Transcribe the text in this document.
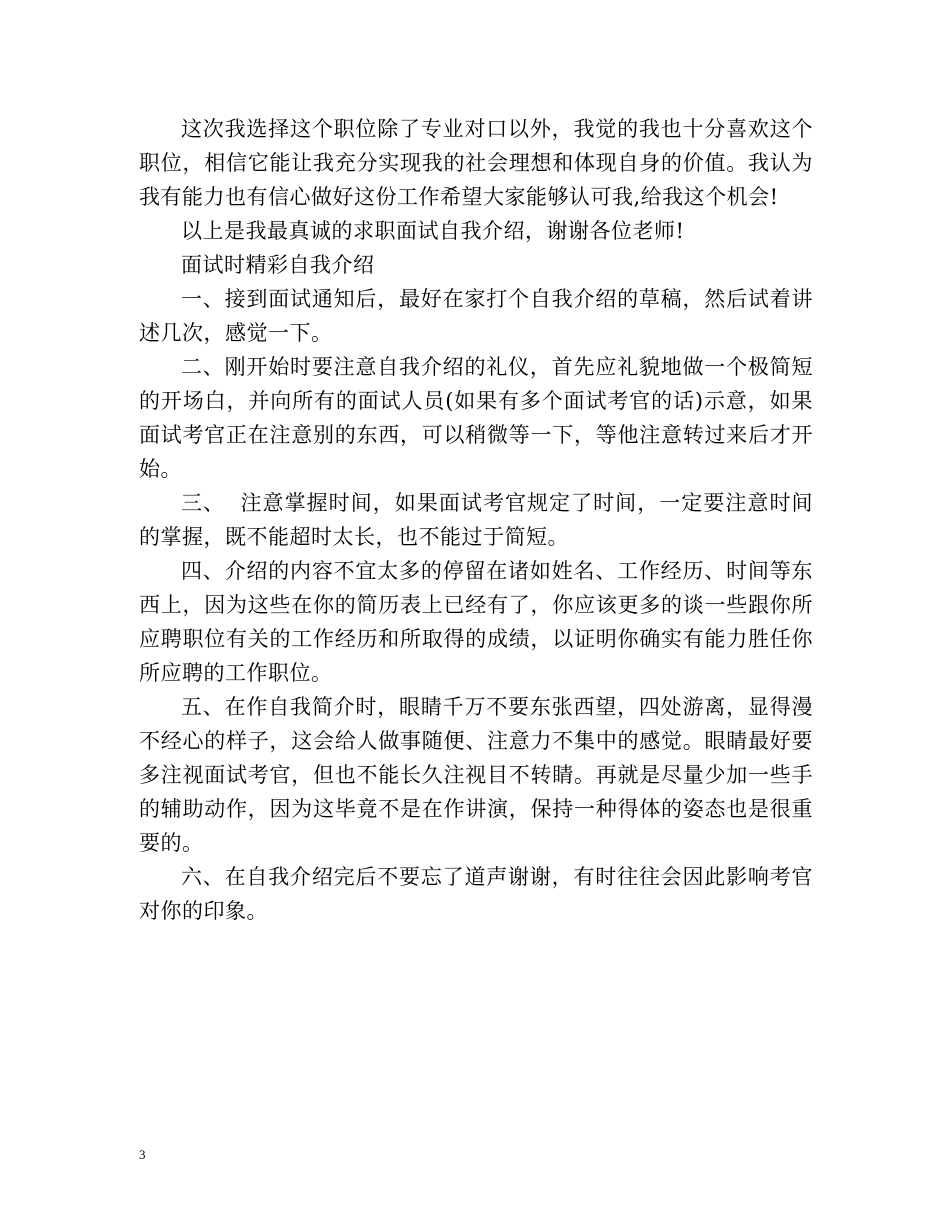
这次我选择这个职位除了专业对口以外，我觉的我也十分喜欢这个职位，相信它能让我充分实现我的社会理想和体现自身的价值。我认为我有能力也有信心做好这份工作希望大家能够认可我,给我这个机会!

以上是我最真诚的求职面试自我介绍，谢谢各位老师!

面试时精彩自我介绍

一、接到面试通知后，最好在家打个自我介绍的草稿，然后试着讲述几次，感觉一下。

二、刚开始时要注意自我介绍的礼仪，首先应礼貌地做一个极简短的开场白，并向所有的面试人员(如果有多个面试考官的话)示意，如果面试考官正在注意别的东西，可以稍微等一下，等他注意转过来后才开始。

三、  注意掌握时间，如果面试考官规定了时间，一定要注意时间的掌握，既不能超时太长，也不能过于简短。

四、介绍的内容不宜太多的停留在诸如姓名、工作经历、时间等东西上，因为这些在你的简历表上已经有了，你应该更多的谈一些跟你所应聘职位有关的工作经历和所取得的成绩，以证明你确实有能力胜任你所应聘的工作职位。

五、在作自我简介时，眼睛千万不要东张西望，四处游离，显得漫不经心的样子，这会给人做事随便、注意力不集中的感觉。眼睛最好要多注视面试考官，但也不能长久注视目不转睛。再就是尽量少加一些手的辅助动作，因为这毕竟不是在作讲演，保持一种得体的姿态也是很重要的。

六、在自我介绍完后不要忘了道声谢谢，有时往往会因此影响考官对你的印象。

3
